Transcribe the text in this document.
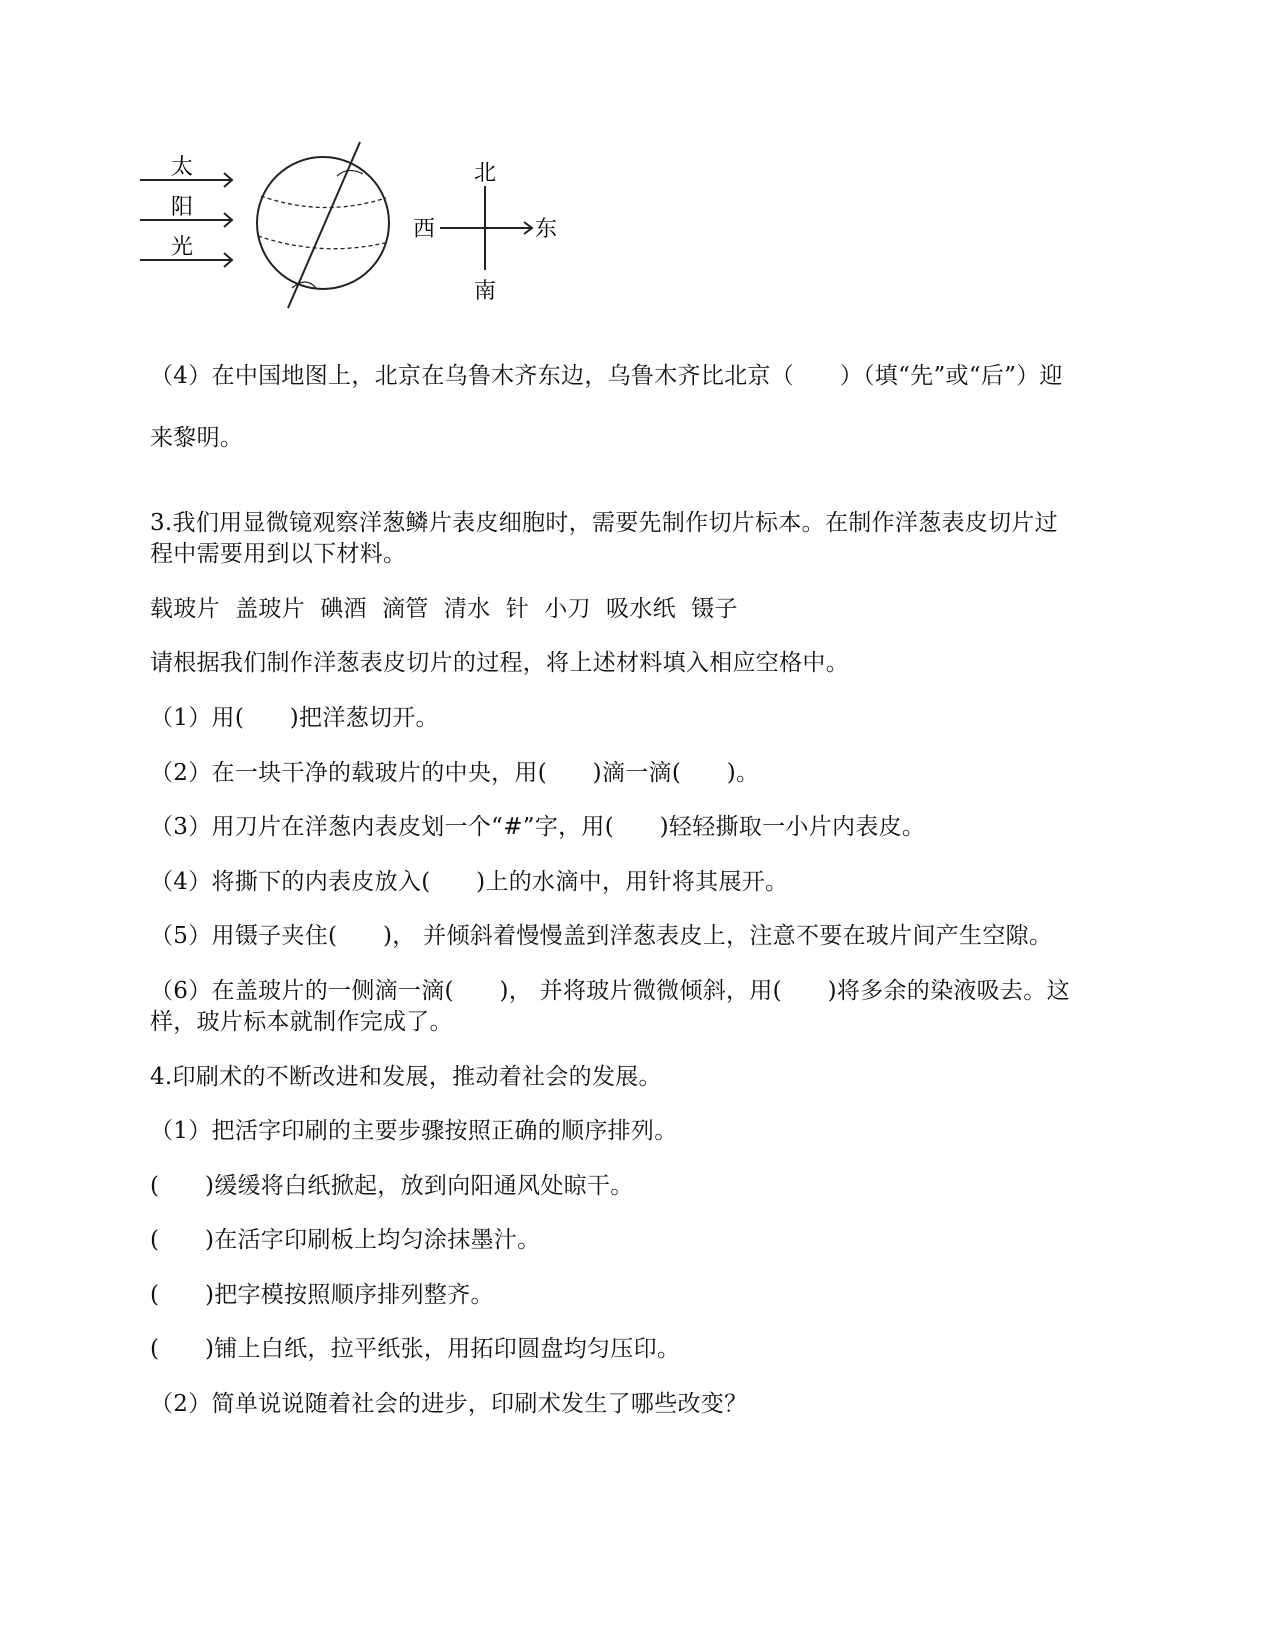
太
阳
光
北
南
西	东
（4）在中国地图上，北京在乌鲁木齐东边，乌鲁木齐比北京（      ）（填“先”或“后”）迎
来黎明。
3.我们用显微镜观察洋葱鳞片表皮细胞时，需要先制作切片标本。在制作洋葱表皮切片过
程中需要用到以下材料。
载玻片  盖玻片  碘酒  滴管  清水  针  小刀  吸水纸  镊子
请根据我们制作洋葱表皮切片的过程，将上述材料填入相应空格中。
（1）用(      )把洋葱切开。
（2）在一块干净的载玻片的中央，用(      )滴一滴(      )。
（3）用刀片在洋葱内表皮划一个“#”字，用(      )轻轻撕取一小片内表皮。
（4）将撕下的内表皮放入(      )上的水滴中，用针将其展开。
（5）用镊子夹住(      )， 并倾斜着慢慢盖到洋葱表皮上，注意不要在玻片间产生空隙。
（6）在盖玻片的一侧滴一滴(      )， 并将玻片微微倾斜，用(      )将多余的染液吸去。这
样，玻片标本就制作完成了。
4.印刷术的不断改进和发展，推动着社会的发展。
（1）把活字印刷的主要步骤按照正确的顺序排列。
(      )缓缓将白纸掀起，放到向阳通风处晾干。
(      )在活字印刷板上均匀涂抹墨汁。
(      )把字模按照顺序排列整齐。
(      )铺上白纸，拉平纸张，用拓印圆盘均匀压印。
（2）简单说说随着社会的进步，印刷术发生了哪些改变？
